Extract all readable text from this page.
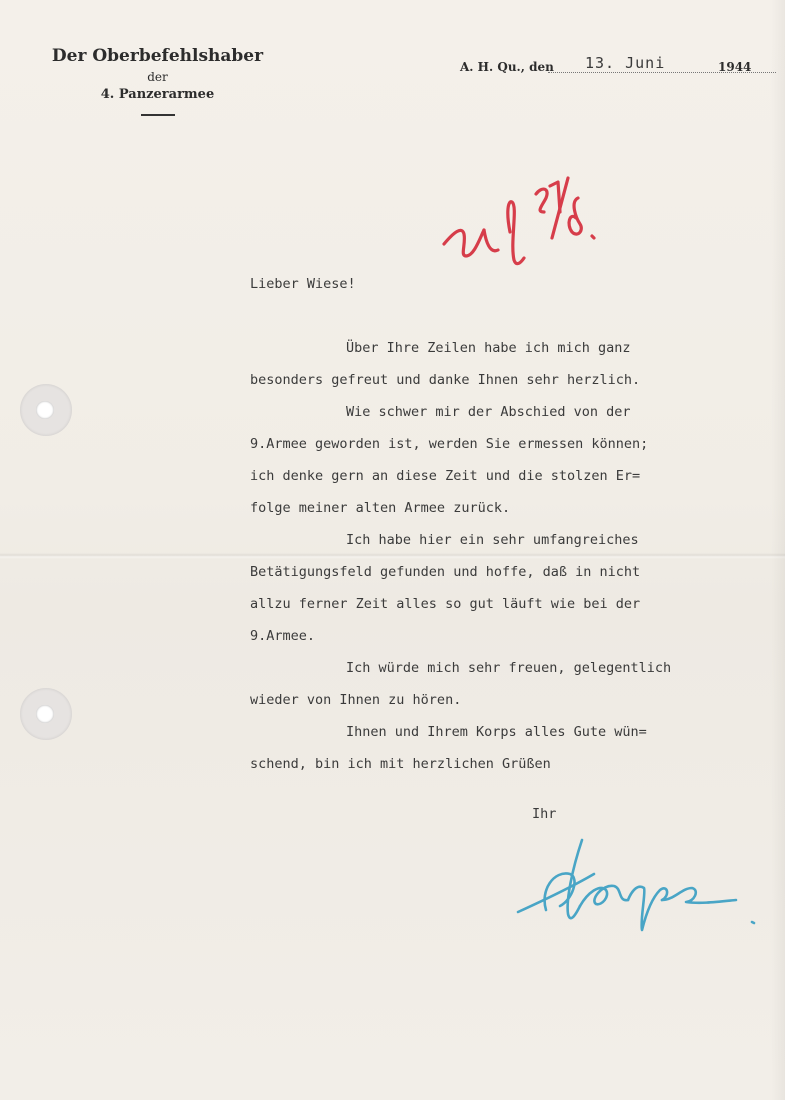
Der Oberbefehlshaber
der
4. Panzerarmee
A. H. Qu., den 13. Juni	1944
Lieber Wiese!
Über Ihre Zeilen habe ich mich ganz
besonders gefreut und danke Ihnen sehr herzlich.
Wie schwer mir der Abschied von der
9.Armee geworden ist, werden Sie ermessen können;
ich denke gern an diese Zeit und die stolzen Er=
folge meiner alten Armee zurück.
Ich habe hier ein sehr umfangreiches
Betätigungsfeld gefunden und hoffe, daß in nicht
allzu ferner Zeit alles so gut läuft wie bei der
9.Armee.
Ich würde mich sehr freuen, gelegentlich
wieder von Ihnen zu hören.
Ihnen und Ihrem Korps alles Gute wün=
schend, bin ich mit herzlichen Grüßen
Ihr
